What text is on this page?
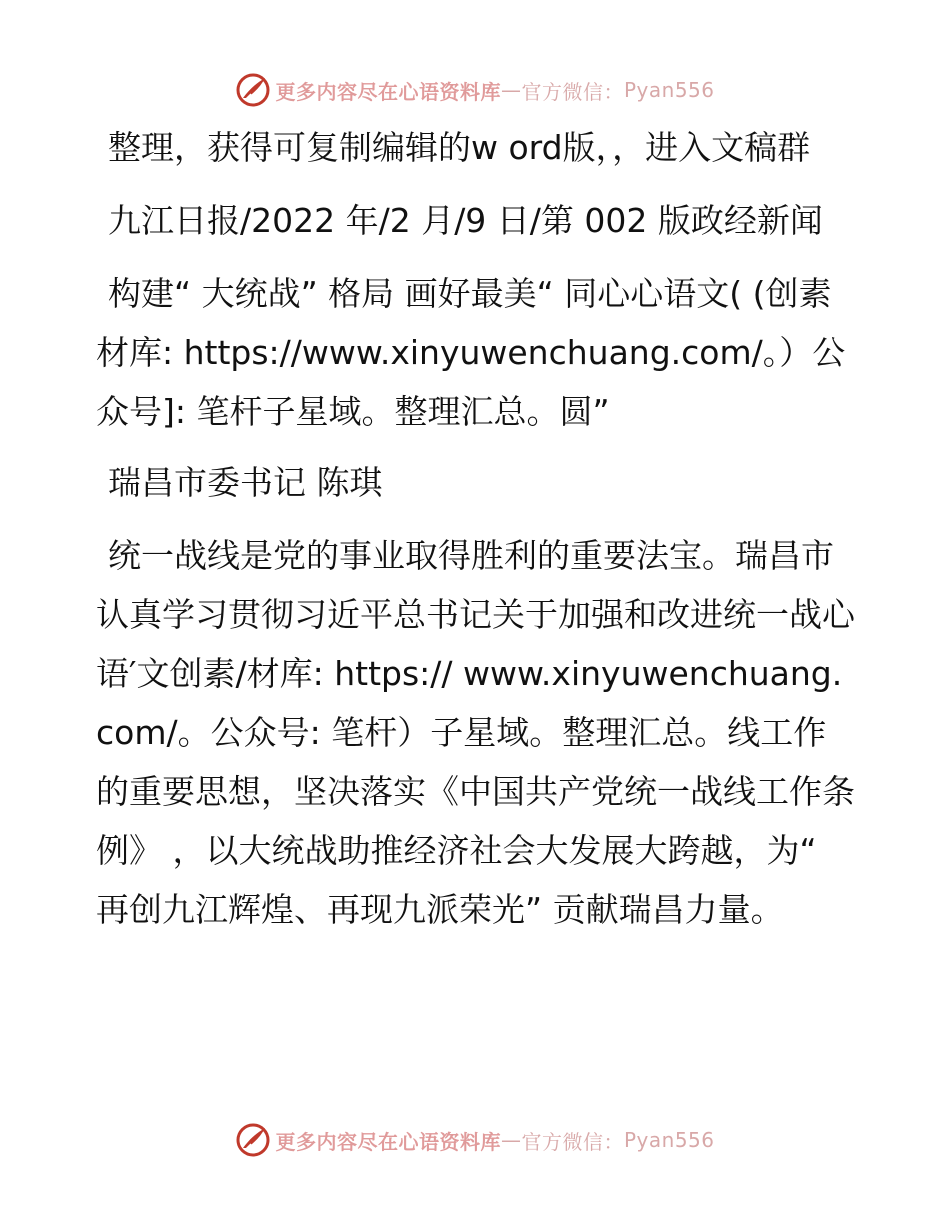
更多内容尽在心语资料库 — 官方微信： Pyan556

整理，获得可复制编辑的w ord版，，进入文稿群

九江日报/2022 年/2 月/9 日/第 002 版政经新闻

构建“ 大统战” 格局 画好最美“ 同心心语文( (创素材库: https://www.xinyuwenchuang.com/。）公众号]: 笔杆子星域。整理汇总。圆”

瑞昌市委书记 陈琪

统一战线是党的事业取得胜利的重要法宝。瑞昌市认真学习贯彻习近平总书记关于加强和改进统一战心语′文创素/材库: https:// www.xinyuwenchuang.com/。公众号: 笔杆）子星域。整理汇总。线工作的重要思想，坚决落实《中国共产党统一战线工作条例》 ，以大统战助推经济社会大发展大跨越，为“ 再创九江辉煌、再现九派荣光” 贡献瑞昌力量。

更多内容尽在心语资料库 — 官方微信： Pyan556
